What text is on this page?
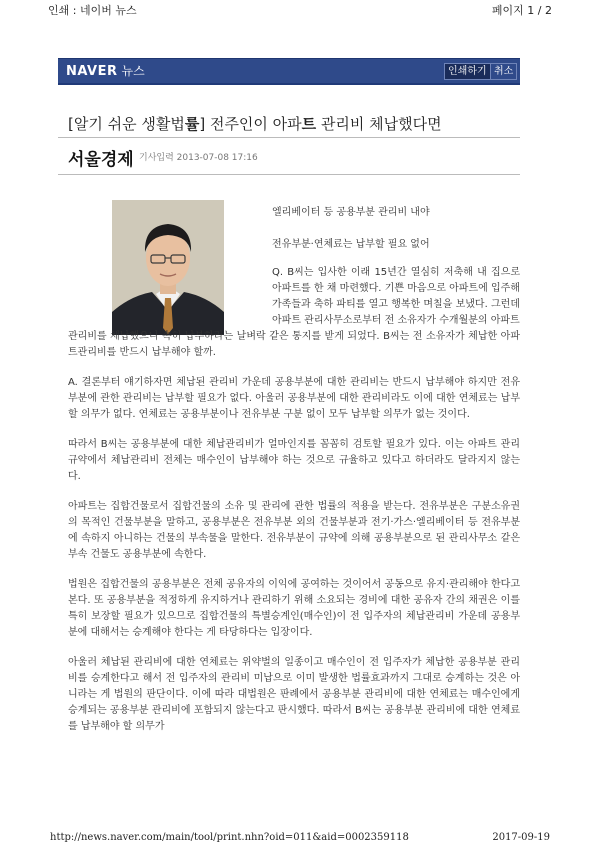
인쇄 : 네이버 뉴스	페이지 1 / 2
NAVER 뉴스	인쇄하기 취소
[알기 쉬운 생활법률] 전주인이 아파트 관리비 체납했다면
서울경제 기사입력 2013-07-08 17:16
엘리베이터 등 공용부분 관리비 내야
전유부분·연체료는 납부할 필요 없어

Q. B씨는 입사한 이래 15년간 열심히 저축해 내 집으로 아파트를 한 채 마련했다. 기쁜 마음으로 아파트에 입주해 가족들과 축하 파티를 열고 행복한 며칠을 보냈다. 그런데 아파트 관리사무소로부터 전 소유자가 수개월분의 아파트

관리비를 체납했으니 속히 납부하라는 날벼락 같은 통지를 받게 되었다. B씨는 전 소유자가 체납한 아파트관리비를 반드시 납부해야 할까.

A. 결론부터 얘기하자면 체납된 관리비 가운데 공용부분에 대한 관리비는 반드시 납부해야 하지만 전유부분에 관한 관리비는 납부할 필요가 없다. 아울러 공용부분에 대한 관리비라도 이에 대한 연체료는 납부할 의무가 없다. 연체료는 공용부분이나 전유부분 구분 없이 모두 납부할 의무가 없는 것이다.

따라서 B씨는 공용부분에 대한 체납관리비가 얼마인지를 꼼꼼히 검토할 필요가 있다. 이는 아파트 관리규약에서 체납관리비 전체는 매수인이 납부해야 하는 것으로 규율하고 있다고 하더라도 달라지지 않는다.

아파트는 집합건물로서 집합건물의 소유 및 관리에 관한 법률의 적용을 받는다. 전유부분은 구분소유권의 목적인 건물부분을 말하고, 공용부분은 전유부분 외의 건물부분과 전기·가스·엘리베이터 등 전유부분에 속하지 아니하는 건물의 부속물을 말한다. 전유부분이 규약에 의해 공용부분으로 된 관리사무소 같은 부속 건물도 공용부분에 속한다.

법원은 집합건물의 공용부분은 전체 공유자의 이익에 공여하는 것이어서 공동으로 유지·관리해야 한다고 본다. 또 공용부분을 적정하게 유지하거나 관리하기 위해 소요되는 경비에 대한 공유자 간의 채권은 이를 특히 보장할 필요가 있으므로 집합건물의 특별승계인(매수인)이 전 입주자의 체납관리비 가운데 공용부분에 대해서는 승계해야 한다는 게 타당하다는 입장이다.

아울러 체납된 관리비에 대한 연체료는 위약벌의 일종이고 매수인이 전 입주자가 체납한 공용부분 관리비를 승계한다고 해서 전 입주자의 관리비 미납으로 이미 발생한 법률효과까지 그대로 승계하는 것은 아니라는 게 법원의 판단이다. 이에 따라 대법원은 판례에서 공용부분 관리비에 대한 연체료는 매수인에게 승계되는 공용부분 관리비에 포함되지 않는다고 판시했다. 따라서 B씨는 공용부분 관리비에 대한 연체료를 납부해야 할 의무가

http://news.naver.com/main/tool/print.nhn?oid=011&aid=0002359118	2017-09-19
